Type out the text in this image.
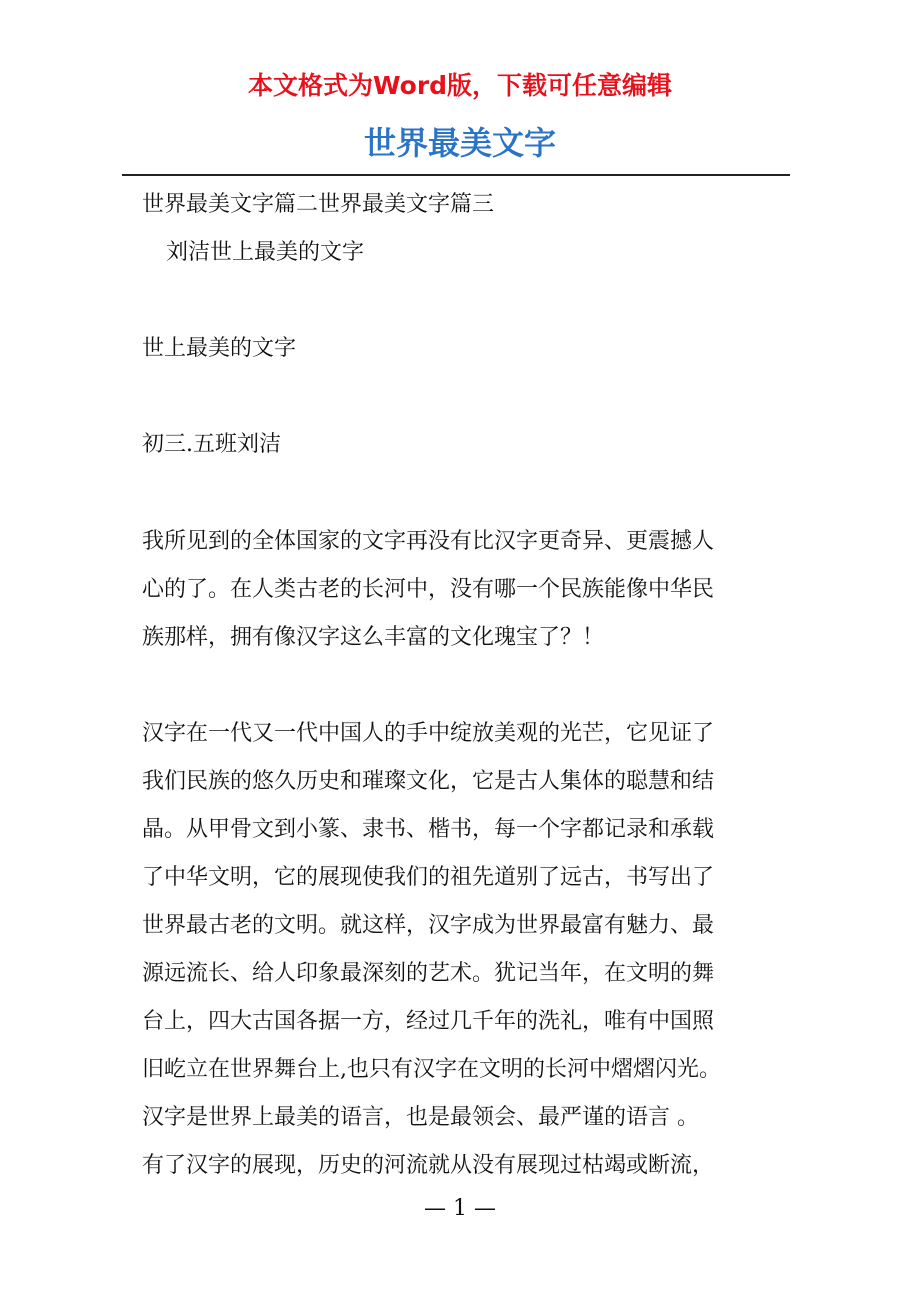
本文格式为Word版，下载可任意编辑
世界最美文字
世界最美文字篇二世界最美文字篇三
刘洁世上最美的文字
世上最美的文字
初三.五班刘洁
我所见到的全体国家的文字再没有比汉字更奇异、更震撼人
心的了。在人类古老的长河中，没有哪一个民族能像中华民
族那样，拥有像汉字这么丰富的文化瑰宝了？！
汉字在一代又一代中国人的手中绽放美观的光芒，它见证了
我们民族的悠久历史和璀璨文化，它是古人集体的聪慧和结
晶。从甲骨文到小篆、隶书、楷书，每一个字都记录和承载
了中华文明，它的展现使我们的祖先道别了远古，书写出了
世界最古老的文明。就这样，汉字成为世界最富有魅力、最
源远流长、给人印象最深刻的艺术。犹记当年，在文明的舞
台上，四大古国各据一方，经过几千年的洗礼，唯有中国照
旧屹立在世界舞台上,也只有汉字在文明的长河中熠熠闪光。
汉字是世界上最美的语言，也是最领会、最严谨的语言 。
有了汉字的展现，历史的河流就从没有展现过枯竭或断流，
— 1 —
